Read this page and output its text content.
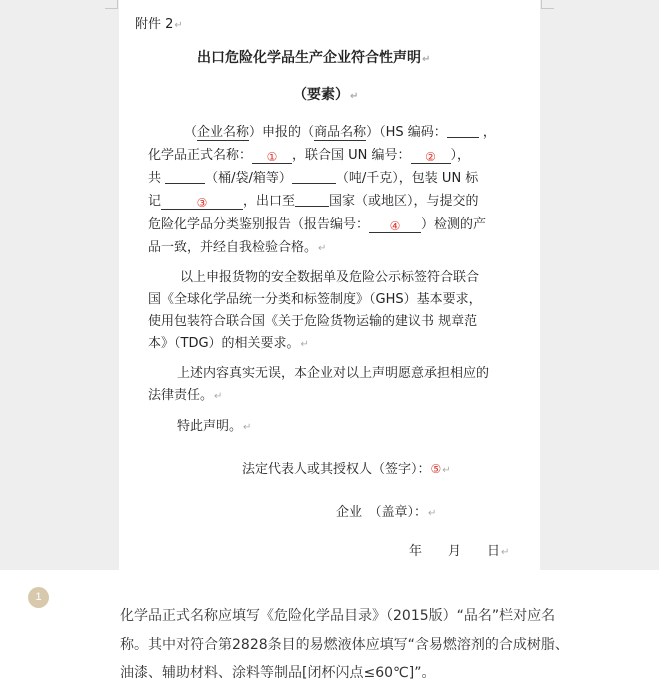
附件 2↵
出口危险化学品生产企业符合性声明↵
（要素）↵
（企业名称）申报的（商品名称）（HS 编码：	，
化学品正式名称： ① ，联合国 UN 编号： ② ），
共	（桶/袋/箱等）	（吨/千克），包装 UN 标
记	③	，出口至	国家（或地区），与提交的
危险化学品分类鉴别报告（报告编号： ④ ）检测的产
品一致，并经自我检验合格。↵
以上申报货物的安全数据单及危险公示标签符合联合
国《全球化学品统一分类和标签制度》（GHS）基本要求，
使用包装符合联合国《关于危险货物运输的建议书 规章范
本》（TDG）的相关要求。↵
上述内容真实无误，本企业对以上声明愿意承担相应的
法律责任。↵
特此声明。↵
法定代表人或其授权人（签字）：⑤↵
企业　（盖章）：↵
年　　月　　日↵
1
化学品正式名称应填写《危险化学品目录》（2015版）“品名”栏对应名
称。其中对符合第2828条目的易燃液体应填写“含易燃溶剂的合成树脂、
油漆、辅助材料、涂料等制品[闭杯闪点≤60℃]”。
